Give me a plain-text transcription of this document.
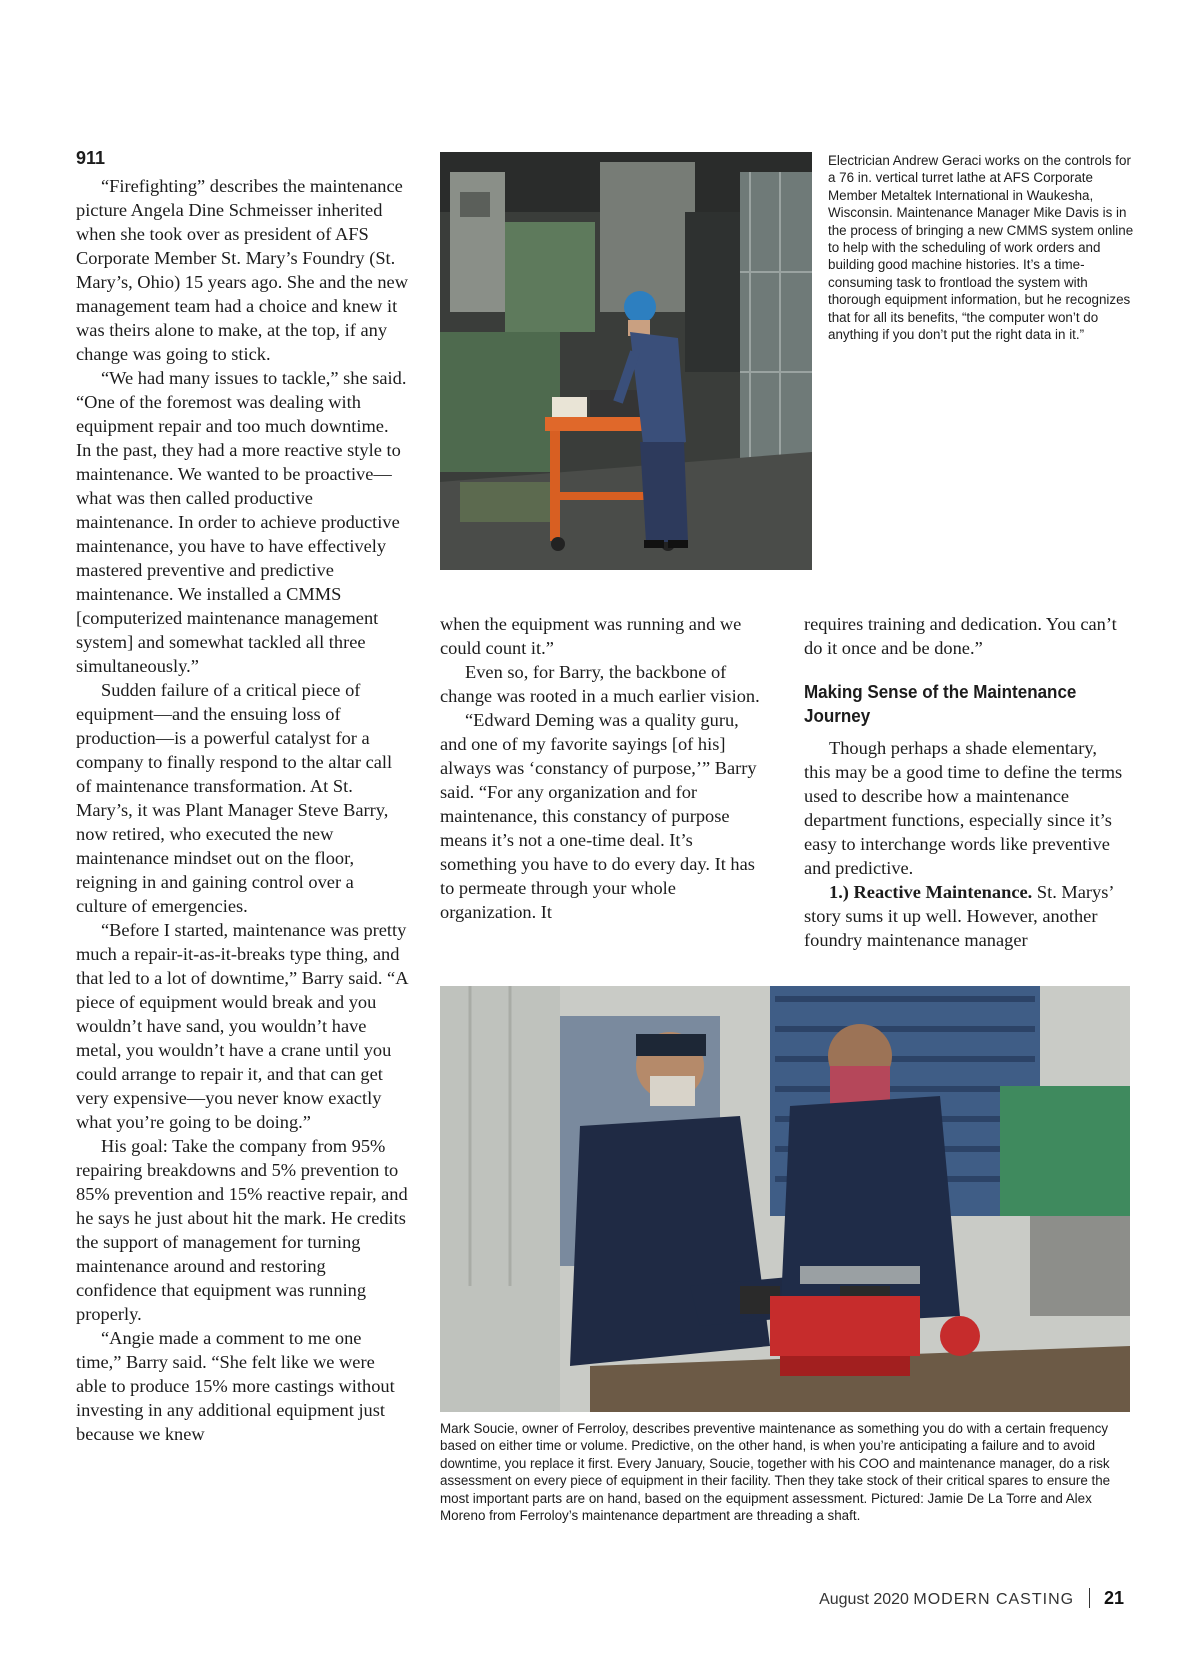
911

“Firefighting” describes the maintenance picture Angela Dine Schmeisser inherited when she took over as president of AFS Corporate Member St. Mary’s Foundry (St. Mary’s, Ohio) 15 years ago. She and the new management team had a choice and knew it was theirs alone to make, at the top, if any change was going to stick.

“We had many issues to tackle,” she said. “One of the foremost was dealing with equipment repair and too much downtime. In the past, they had a more reactive style to maintenance. We wanted to be proactive—what was then called productive maintenance. In order to achieve productive maintenance, you have to have effectively mastered preventive and predictive maintenance. We installed a CMMS [computerized maintenance management system] and somewhat tackled all three simultaneously.”

Sudden failure of a critical piece of equipment—and the ensuing loss of production—is a powerful catalyst for a company to finally respond to the altar call of maintenance transformation. At St. Mary’s, it was Plant Manager Steve Barry, now retired, who executed the new maintenance mindset out on the floor, reigning in and gaining control over a culture of emergencies.

“Before I started, maintenance was pretty much a repair-it-as-it-breaks type thing, and that led to a lot of downtime,” Barry said. “A piece of equipment would break and you wouldn’t have sand, you wouldn’t have metal, you wouldn’t have a crane until you could arrange to repair it, and that can get very expensive—you never know exactly what you’re going to be doing.”

His goal: Take the company from 95% repairing breakdowns and 5% prevention to 85% prevention and 15% reactive repair, and he says he just about hit the mark. He credits the support of management for turning maintenance around and restoring confidence that equipment was running properly.

“Angie made a comment to me one time,” Barry said. “She felt like we were able to produce 15% more castings without investing in any additional equipment just because we knew

Electrician Andrew Geraci works on the controls for a 76 in. vertical turret lathe at AFS Corporate Member Metaltek International in Waukesha, Wisconsin. Maintenance Manager Mike Davis is in the process of bringing a new CMMS system online to help with the scheduling of work orders and building good machine histories. It’s a time-consuming task to frontload the system with thorough equipment information, but he recognizes that for all its benefits, “the computer won’t do anything if you don’t put the right data in it.”

when the equipment was running and we could count it.”

Even so, for Barry, the backbone of change was rooted in a much earlier vision.

“Edward Deming was a quality guru, and one of my favorite sayings [of his] always was ‘constancy of purpose,’” Barry said. “For any organization and for maintenance, this constancy of purpose means it’s not a one-time deal. It’s something you have to do every day. It has to permeate through your whole organization. It

requires training and dedication. You can’t do it once and be done.”

Making Sense of the Maintenance Journey

Though perhaps a shade elementary, this may be a good time to define the terms used to describe how a maintenance department functions, especially since it’s easy to interchange words like preventive and predictive.

1.) Reactive Maintenance. St. Marys’ story sums it up well. However, another foundry maintenance manager

Mark Soucie, owner of Ferroloy, describes preventive maintenance as something you do with a certain frequency based on either time or volume. Predictive, on the other hand, is when you’re anticipating a failure and to avoid downtime, you replace it first. Every January, Soucie, together with his COO and maintenance manager, do a risk assessment on every piece of equipment in their facility. Then they take stock of their critical spares to ensure the most important parts are on hand, based on the equipment assessment. Pictured: Jamie De La Torre and Alex Moreno from Ferroloy’s maintenance department are threading a shaft.
August 2020 MODERN CASTING 21
